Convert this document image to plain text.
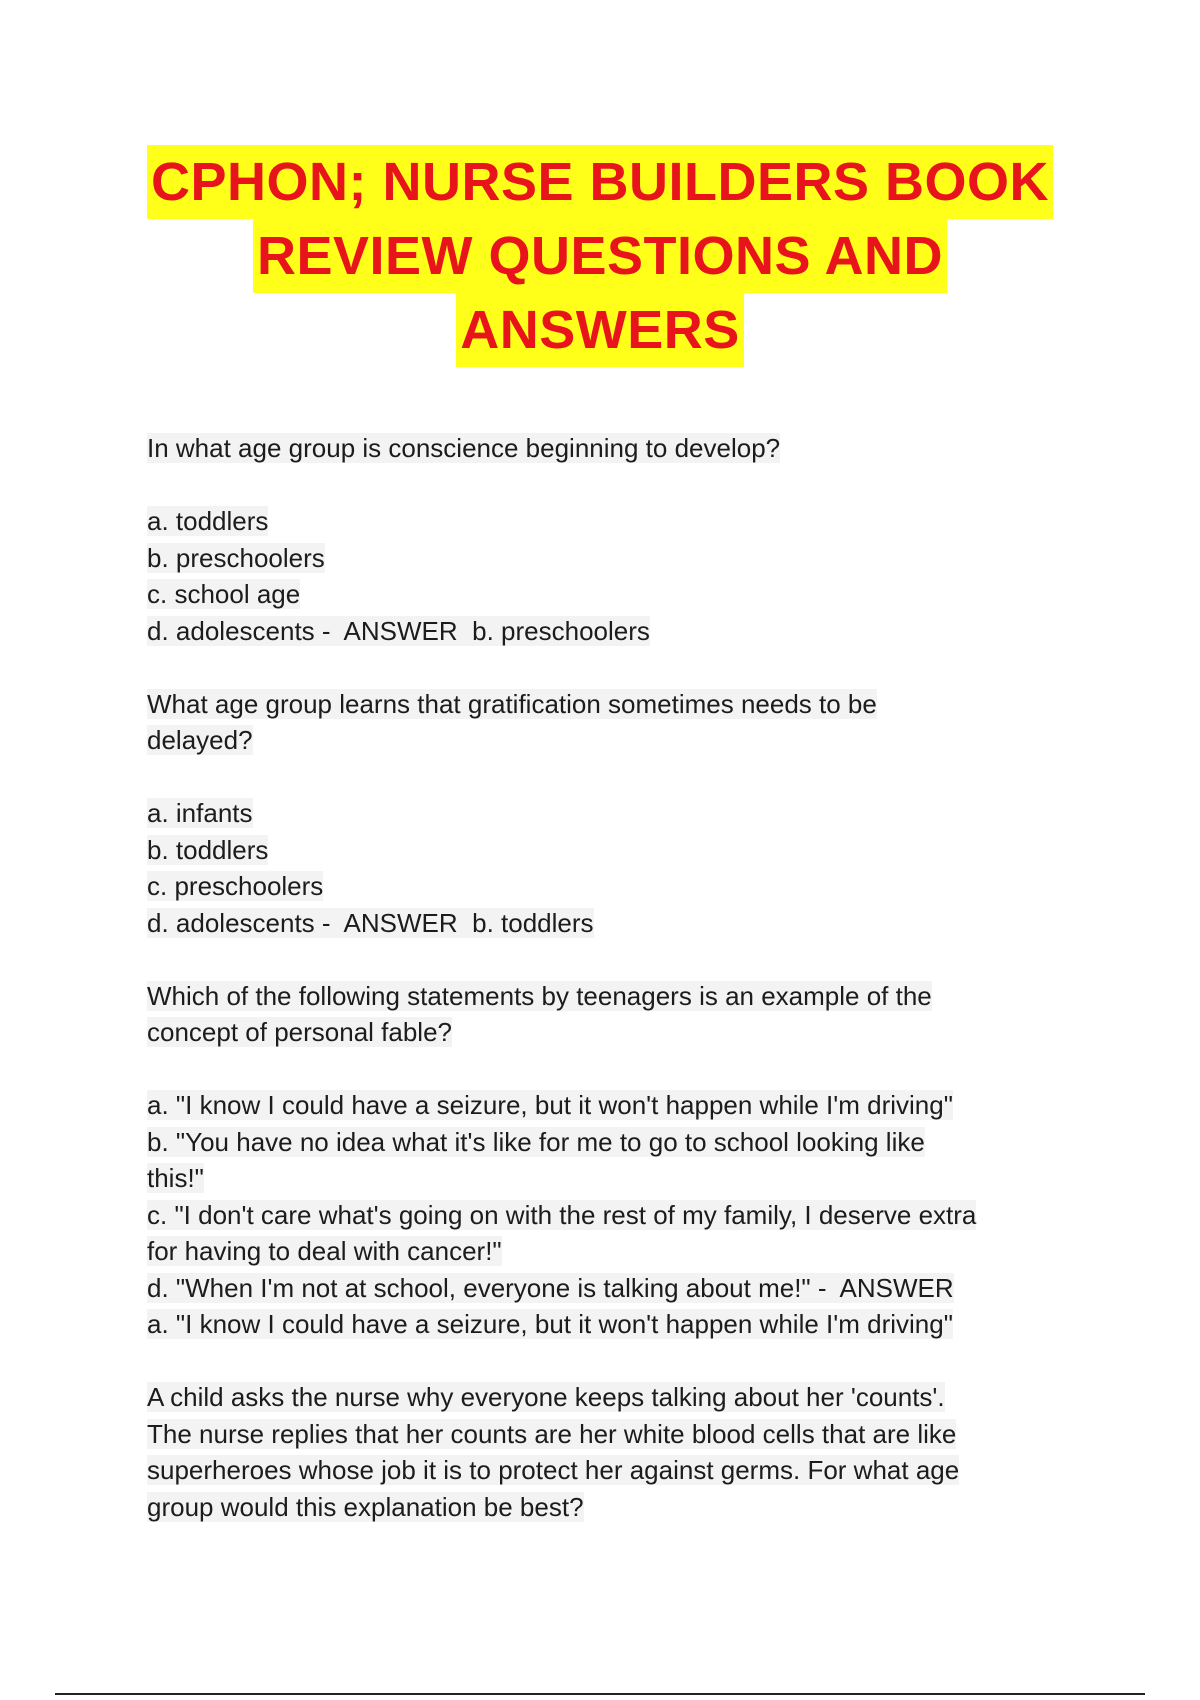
CPHON; NURSE BUILDERS BOOK
REVIEW QUESTIONS AND
ANSWERS
In what age group is conscience beginning to develop?
a. toddlers
b. preschoolers
c. school age
d. adolescents -  ANSWER  b. preschoolers
What age group learns that gratification sometimes needs to be
delayed?
a. infants
b. toddlers
c. preschoolers
d. adolescents -  ANSWER  b. toddlers
Which of the following statements by teenagers is an example of the
concept of personal fable?
a. "I know I could have a seizure, but it won't happen while I'm driving"
b. "You have no idea what it's like for me to go to school looking like
this!"
c. "I don't care what's going on with the rest of my family, I deserve extra
for having to deal with cancer!"
d. "When I'm not at school, everyone is talking about me!" -  ANSWER
a. "I know I could have a seizure, but it won't happen while I'm driving"
A child asks the nurse why everyone keeps talking about her 'counts'.
The nurse replies that her counts are her white blood cells that are like
superheroes whose job it is to protect her against germs. For what age
group would this explanation be best?
